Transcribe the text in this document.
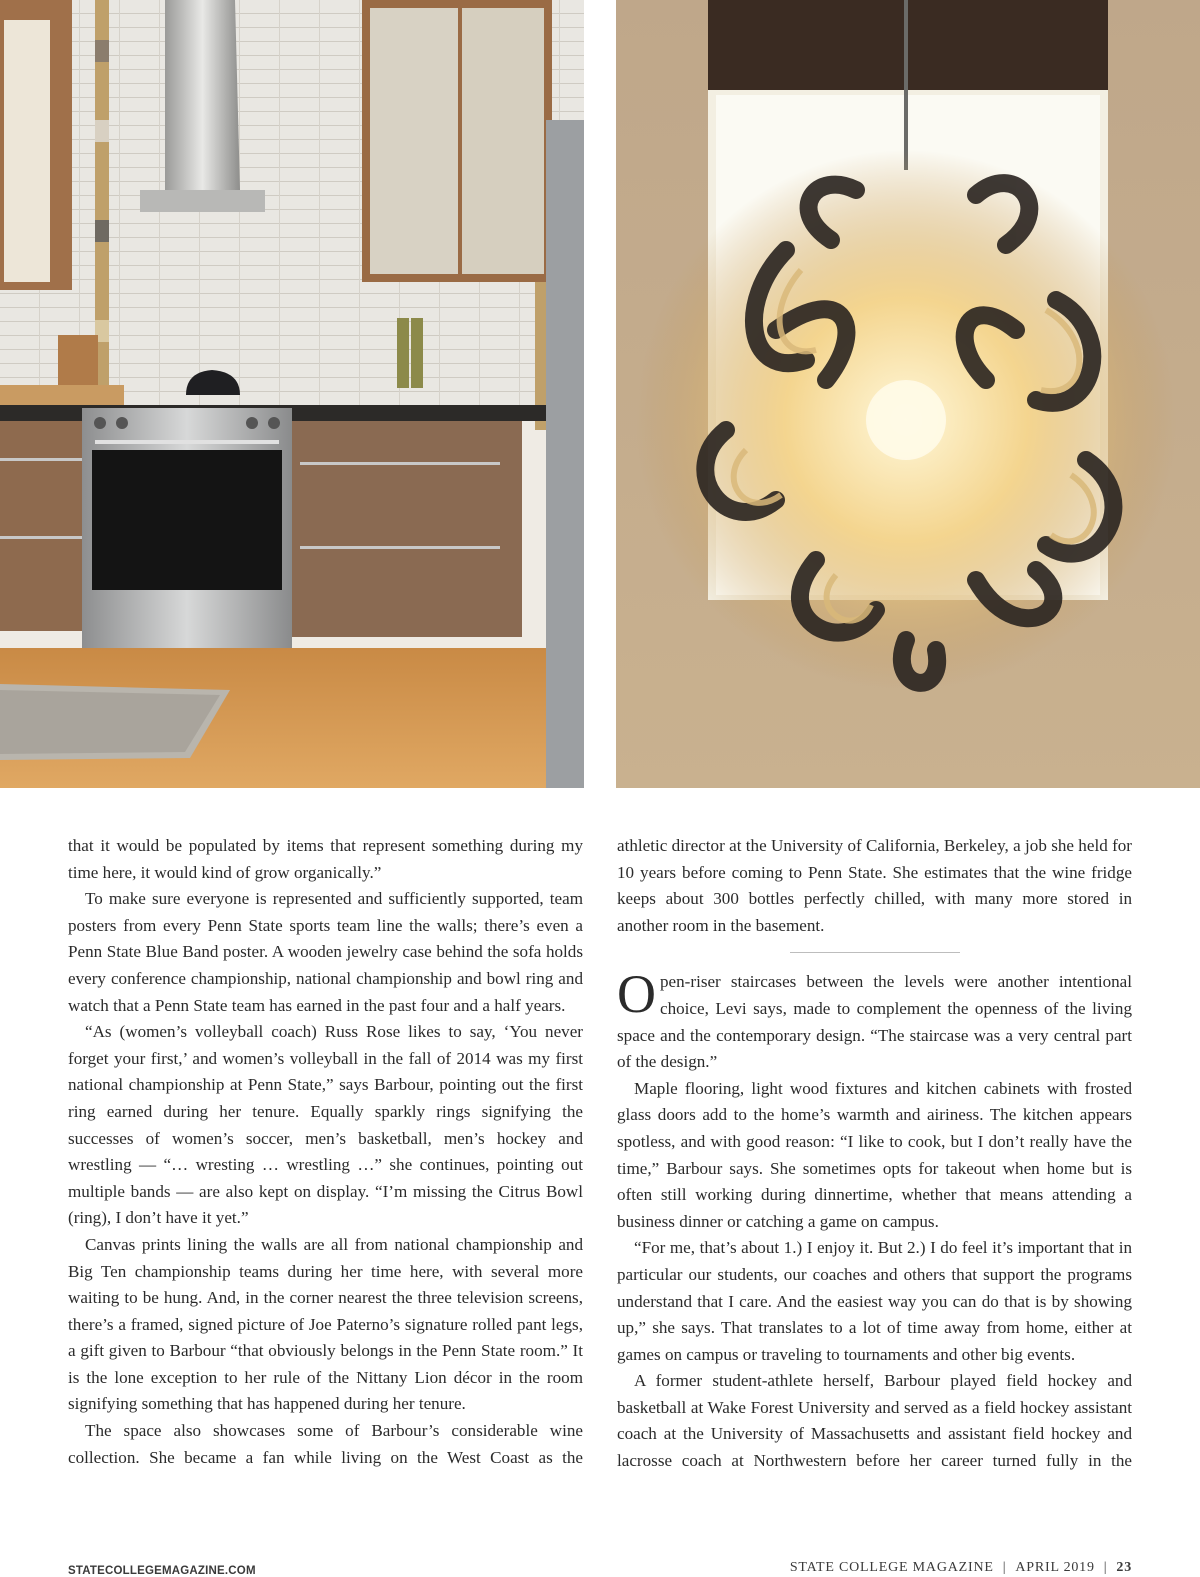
that it would be populated by items that represent something during my time here, it would kind of grow organically.”

To make sure everyone is represented and sufficiently supported, team posters from every Penn State sports team line the walls; there’s even a Penn State Blue Band poster. A wooden jewelry case behind the sofa holds every conference championship, national championship and bowl ring and watch that a Penn State team has earned in the past four and a half years.

“As (women’s volleyball coach) Russ Rose likes to say, ‘You never forget your first,’ and women’s volleyball in the fall of 2014 was my first national championship at Penn State,” says Barbour, pointing out the first ring earned during her tenure. Equally sparkly rings signifying the successes of women’s soccer, men’s basketball, men’s hockey and wrestling — “… wresting … wrestling …” she continues, pointing out multiple bands — are also kept on display. “I’m missing the Citrus Bowl (ring), I don’t have it yet.”

Canvas prints lining the walls are all from national championship and Big Ten championship teams during her time here, with several more waiting to be hung. And, in the corner nearest the three television screens, there’s a framed, signed picture of Joe Paterno’s signature rolled pant legs, a gift given to Barbour “that obviously belongs in the Penn State room.” It is the lone exception to her rule of the Nittany Lion décor in the room signifying something that has happened during her tenure.

The space also showcases some of Barbour’s considerable wine collection. She became a fan while living on the West Coast as the

athletic director at the University of California, Berkeley, a job she held for 10 years before coming to Penn State. She estimates that the wine fridge keeps about 300 bottles perfectly chilled, with many more stored in another room in the basement.

Open-riser staircases between the levels were another intentional choice, Levi says, made to complement the openness of the living space and the contemporary design. “The staircase was a very central part of the design.”

Maple flooring, light wood fixtures and kitchen cabinets with frosted glass doors add to the home’s warmth and airiness. The kitchen appears spotless, and with good reason: “I like to cook, but I don’t really have the time,” Barbour says. She sometimes opts for takeout when home but is often still working during dinnertime, whether that means attending a business dinner or catching a game on campus.

“For me, that’s about 1.) I enjoy it. But 2.) I do feel it’s important that in particular our students, our coaches and others that support the programs understand that I care. And the easiest way you can do that is by showing up,” she says. That translates to a lot of time away from home, either at games on campus or traveling to tournaments and other big events.

A former student-athlete herself, Barbour played field hockey and basketball at Wake Forest University and served as a field hockey assistant coach at the University of Massachusetts and assistant field hockey and lacrosse coach at Northwestern before her career turned fully in the

STATECOLLEGEMAGAZINE.COM	STATE COLLEGE MAGAZINE | APRIL 2019 | 23
